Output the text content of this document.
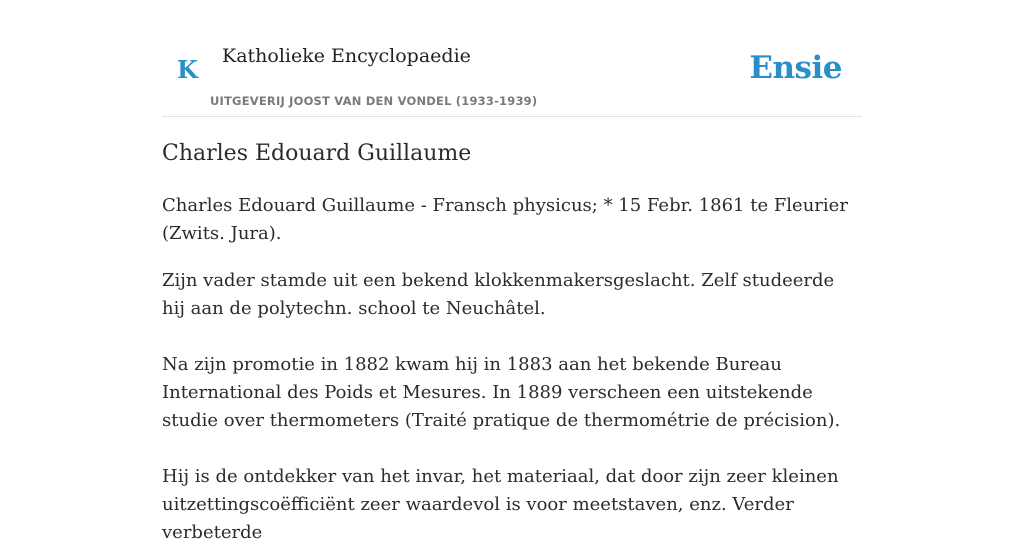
K Katholieke Encyclopaedie
UITGEVERIJ JOOST VAN DEN VONDEL (1933-1939)
Ensie
Charles Edouard Guillaume

Charles Edouard Guillaume - Fransch physicus; * 15 Febr. 1861 te Fleurier (Zwits. Jura).

Zijn vader stamde uit een bekend klokkenmakersgeslacht. Zelf studeerde hij aan de polytechn. school te Neuchâtel.

Na zijn promotie in 1882 kwam hij in 1883 aan het bekende Bureau International des Poids et Mesures. In 1889 verscheen een uitstekende studie over thermometers (Traité pratique de thermométrie de précision).

Hij is de ontdekker van het invar, het materiaal, dat door zijn zeer kleinen uitzettingscoëfficiënt zeer waardevol is voor meetstaven, enz. Verder verbeterde
